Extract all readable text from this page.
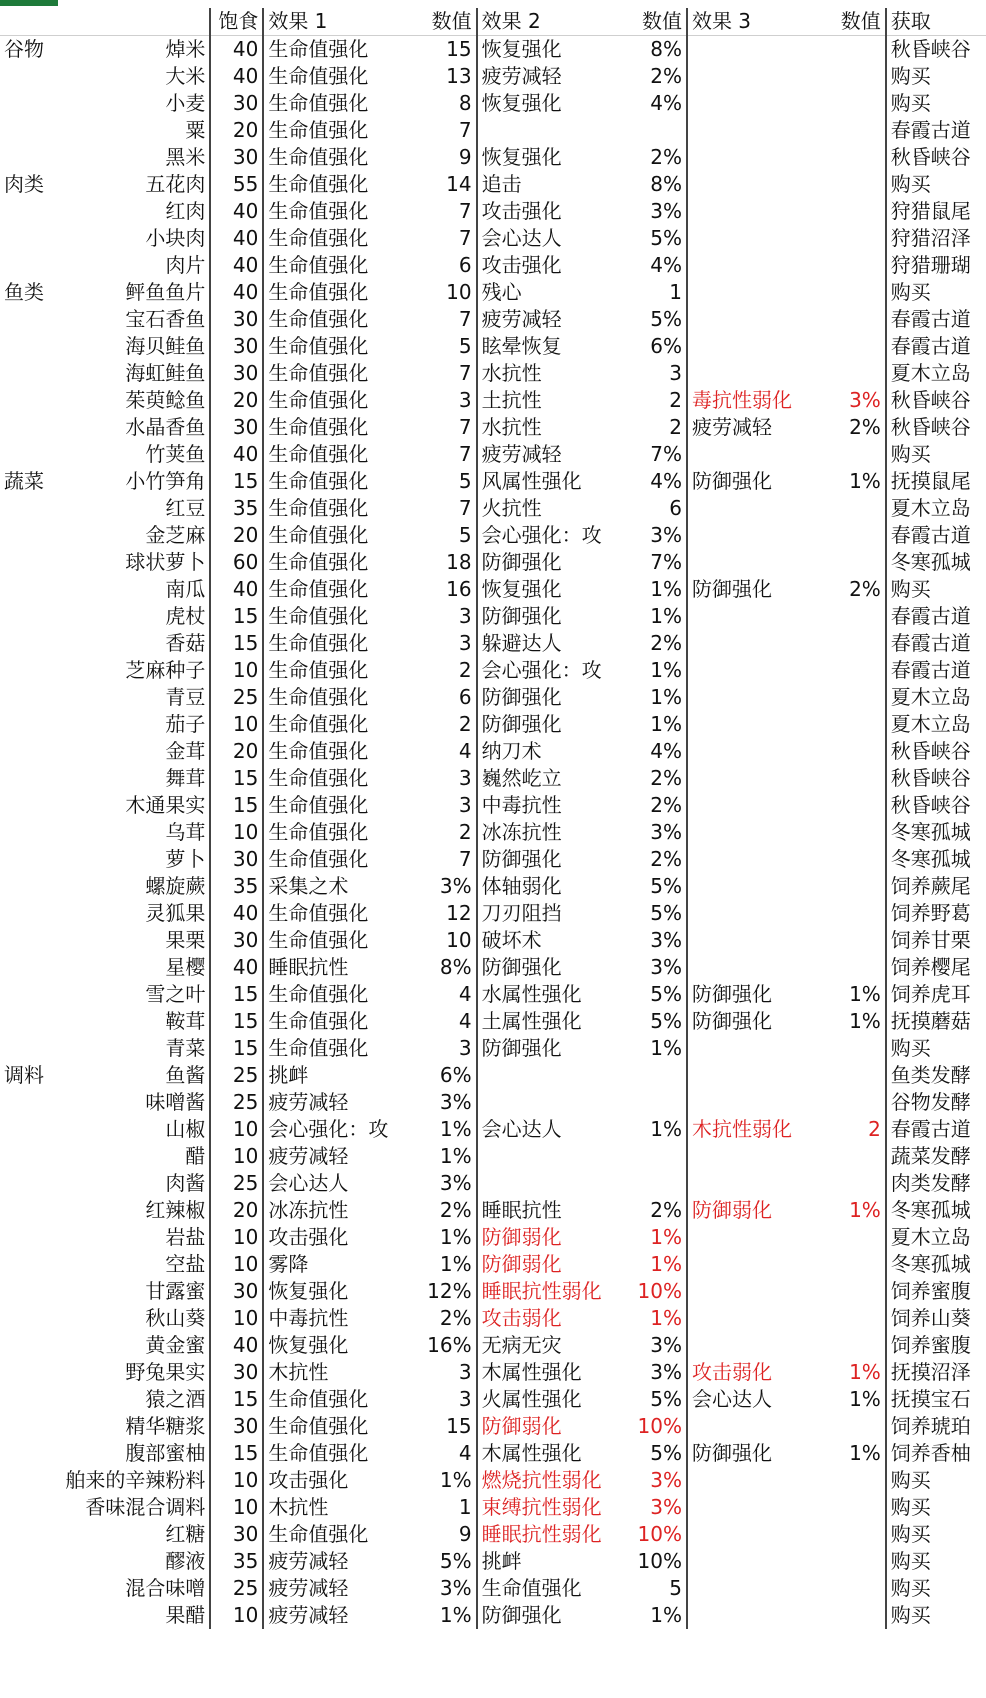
		饱食	效果 1	数值	效果 2	数值	效果 3	数值	获取
谷物	焯米	40	生命值强化	15	恢复强化	8%			秋昏峡谷
	大米	40	生命值强化	13	疲劳减轻	2%			购买
	小麦	30	生命值强化	8	恢复强化	4%			购买
	粟	20	生命值强化	7					春霞古道
	黑米	30	生命值强化	9	恢复强化	2%			秋昏峡谷
肉类	五花肉	55	生命值强化	14	追击	8%			购买
	红肉	40	生命值强化	7	攻击强化	3%			狩猎鼠尾
	小块肉	40	生命值强化	7	会心达人	5%			狩猎沼泽
	肉片	40	生命值强化	6	攻击强化	4%			狩猎珊瑚
鱼类	鲆鱼鱼片	40	生命值强化	10	残心	1			购买
	宝石香鱼	30	生命值强化	7	疲劳减轻	5%			春霞古道
	海贝鲑鱼	30	生命值强化	5	眩晕恢复	6%			春霞古道
	海虹鲑鱼	30	生命值强化	7	水抗性	3			夏木立岛
	茱萸鲶鱼	20	生命值强化	3	土抗性	2	毒抗性弱化	3%	秋昏峡谷
	水晶香鱼	30	生命值强化	7	水抗性	2	疲劳减轻	2%	秋昏峡谷
	竹荚鱼	40	生命值强化	7	疲劳减轻	7%			购买
蔬菜	小竹笋角	15	生命值强化	5	风属性强化	4%	防御强化	1%	抚摸鼠尾
	红豆	35	生命值强化	7	火抗性	6			夏木立岛
	金芝麻	20	生命值强化	5	会心强化：攻	3%			春霞古道
	球状萝卜	60	生命值强化	18	防御强化	7%			冬寒孤城
	南瓜	40	生命值强化	16	恢复强化	1%	防御强化	2%	购买
	虎杖	15	生命值强化	3	防御强化	1%			春霞古道
	香菇	15	生命值强化	3	躲避达人	2%			春霞古道
	芝麻种子	10	生命值强化	2	会心强化：攻	1%			春霞古道
	青豆	25	生命值强化	6	防御强化	1%			夏木立岛
	茄子	10	生命值强化	2	防御强化	1%			夏木立岛
	金茸	20	生命值强化	4	纳刀术	4%			秋昏峡谷
	舞茸	15	生命值强化	3	巍然屹立	2%			秋昏峡谷
	木通果实	15	生命值强化	3	中毒抗性	2%			秋昏峡谷
	乌茸	10	生命值强化	2	冰冻抗性	3%			冬寒孤城
	萝卜	30	生命值强化	7	防御强化	2%			冬寒孤城
	螺旋蕨	35	采集之术	3%	体轴弱化	5%			饲养蕨尾
	灵狐果	40	生命值强化	12	刀刃阻挡	5%			饲养野葛
	果栗	30	生命值强化	10	破坏术	3%			饲养甘栗
	星樱	40	睡眠抗性	8%	防御强化	3%			饲养樱尾
	雪之叶	15	生命值强化	4	水属性强化	5%	防御强化	1%	饲养虎耳
	鞍茸	15	生命值强化	4	土属性强化	5%	防御强化	1%	抚摸蘑菇
	青菜	15	生命值强化	3	防御强化	1%			购买
调料	鱼酱	25	挑衅	6%					鱼类发酵
	味噌酱	25	疲劳减轻	3%					谷物发酵
	山椒	10	会心强化：攻	1%	会心达人	1%	木抗性弱化	2	春霞古道
	醋	10	疲劳减轻	1%					蔬菜发酵
	肉酱	25	会心达人	3%					肉类发酵
	红辣椒	20	冰冻抗性	2%	睡眠抗性	2%	防御弱化	1%	冬寒孤城
	岩盐	10	攻击强化	1%	防御弱化	1%			夏木立岛
	空盐	10	雾降	1%	防御弱化	1%			冬寒孤城
	甘露蜜	30	恢复强化	12%	睡眠抗性弱化	10%			饲养蜜腹
	秋山葵	10	中毒抗性	2%	攻击弱化	1%			饲养山葵
	黄金蜜	40	恢复强化	16%	无病无灾	3%			饲养蜜腹
	野兔果实	30	木抗性	3	木属性强化	3%	攻击弱化	1%	抚摸沼泽
	猿之酒	15	生命值强化	3	火属性强化	5%	会心达人	1%	抚摸宝石
	精华糖浆	30	生命值强化	15	防御弱化	10%			饲养琥珀
	腹部蜜柚	15	生命值强化	4	木属性强化	5%	防御强化	1%	饲养香柚
	舶来的辛辣粉料	10	攻击强化	1%	燃烧抗性弱化	3%			购买
	香味混合调料	10	木抗性	1	束缚抗性弱化	3%			购买
	红糖	30	生命值强化	9	睡眠抗性弱化	10%			购买
	醪液	35	疲劳减轻	5%	挑衅	10%			购买
	混合味噌	25	疲劳减轻	3%	生命值强化	5			购买
	果醋	10	疲劳减轻	1%	防御强化	1%			购买
